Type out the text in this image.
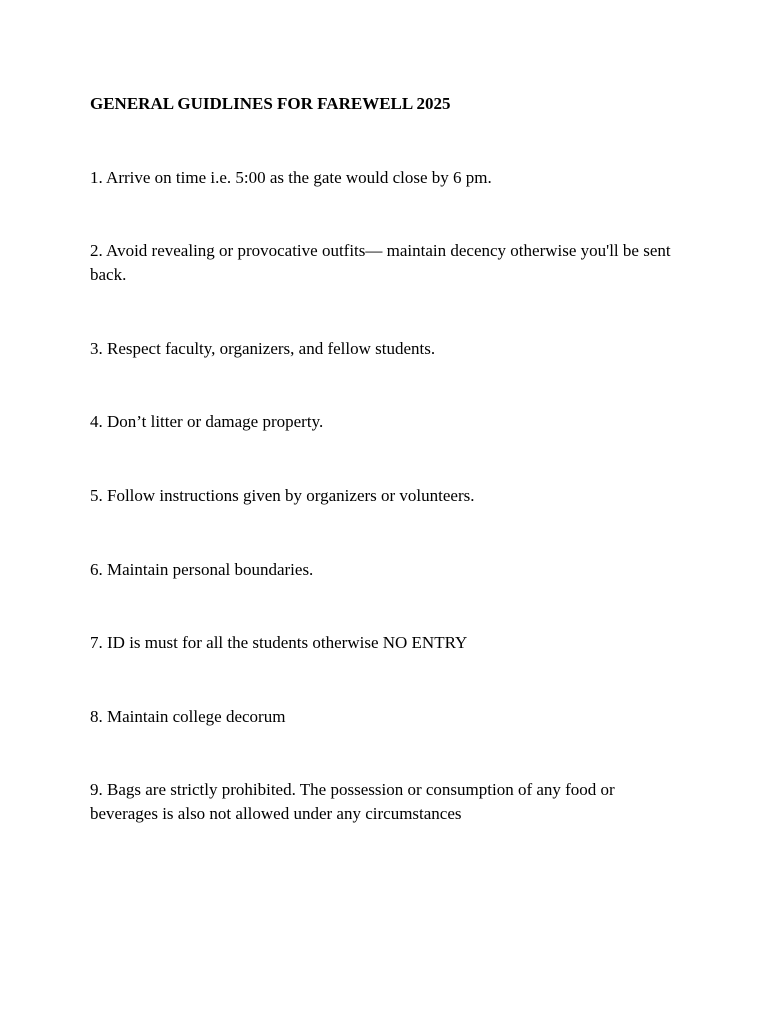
GENERAL GUIDLINES FOR FAREWELL 2025

1. Arrive on time i.e. 5:00 as the gate would close by 6 pm.

2. Avoid revealing or provocative outfits— maintain decency otherwise you'll be sent back.

3. Respect faculty, organizers, and fellow students.

4. Don’t litter or damage property.

5. Follow instructions given by organizers or volunteers.

6. Maintain personal boundaries.

7. ID is must for all the students otherwise NO ENTRY

8. Maintain college decorum

9. Bags are strictly prohibited. The possession or consumption of any food or beverages is also not allowed under any circumstances
